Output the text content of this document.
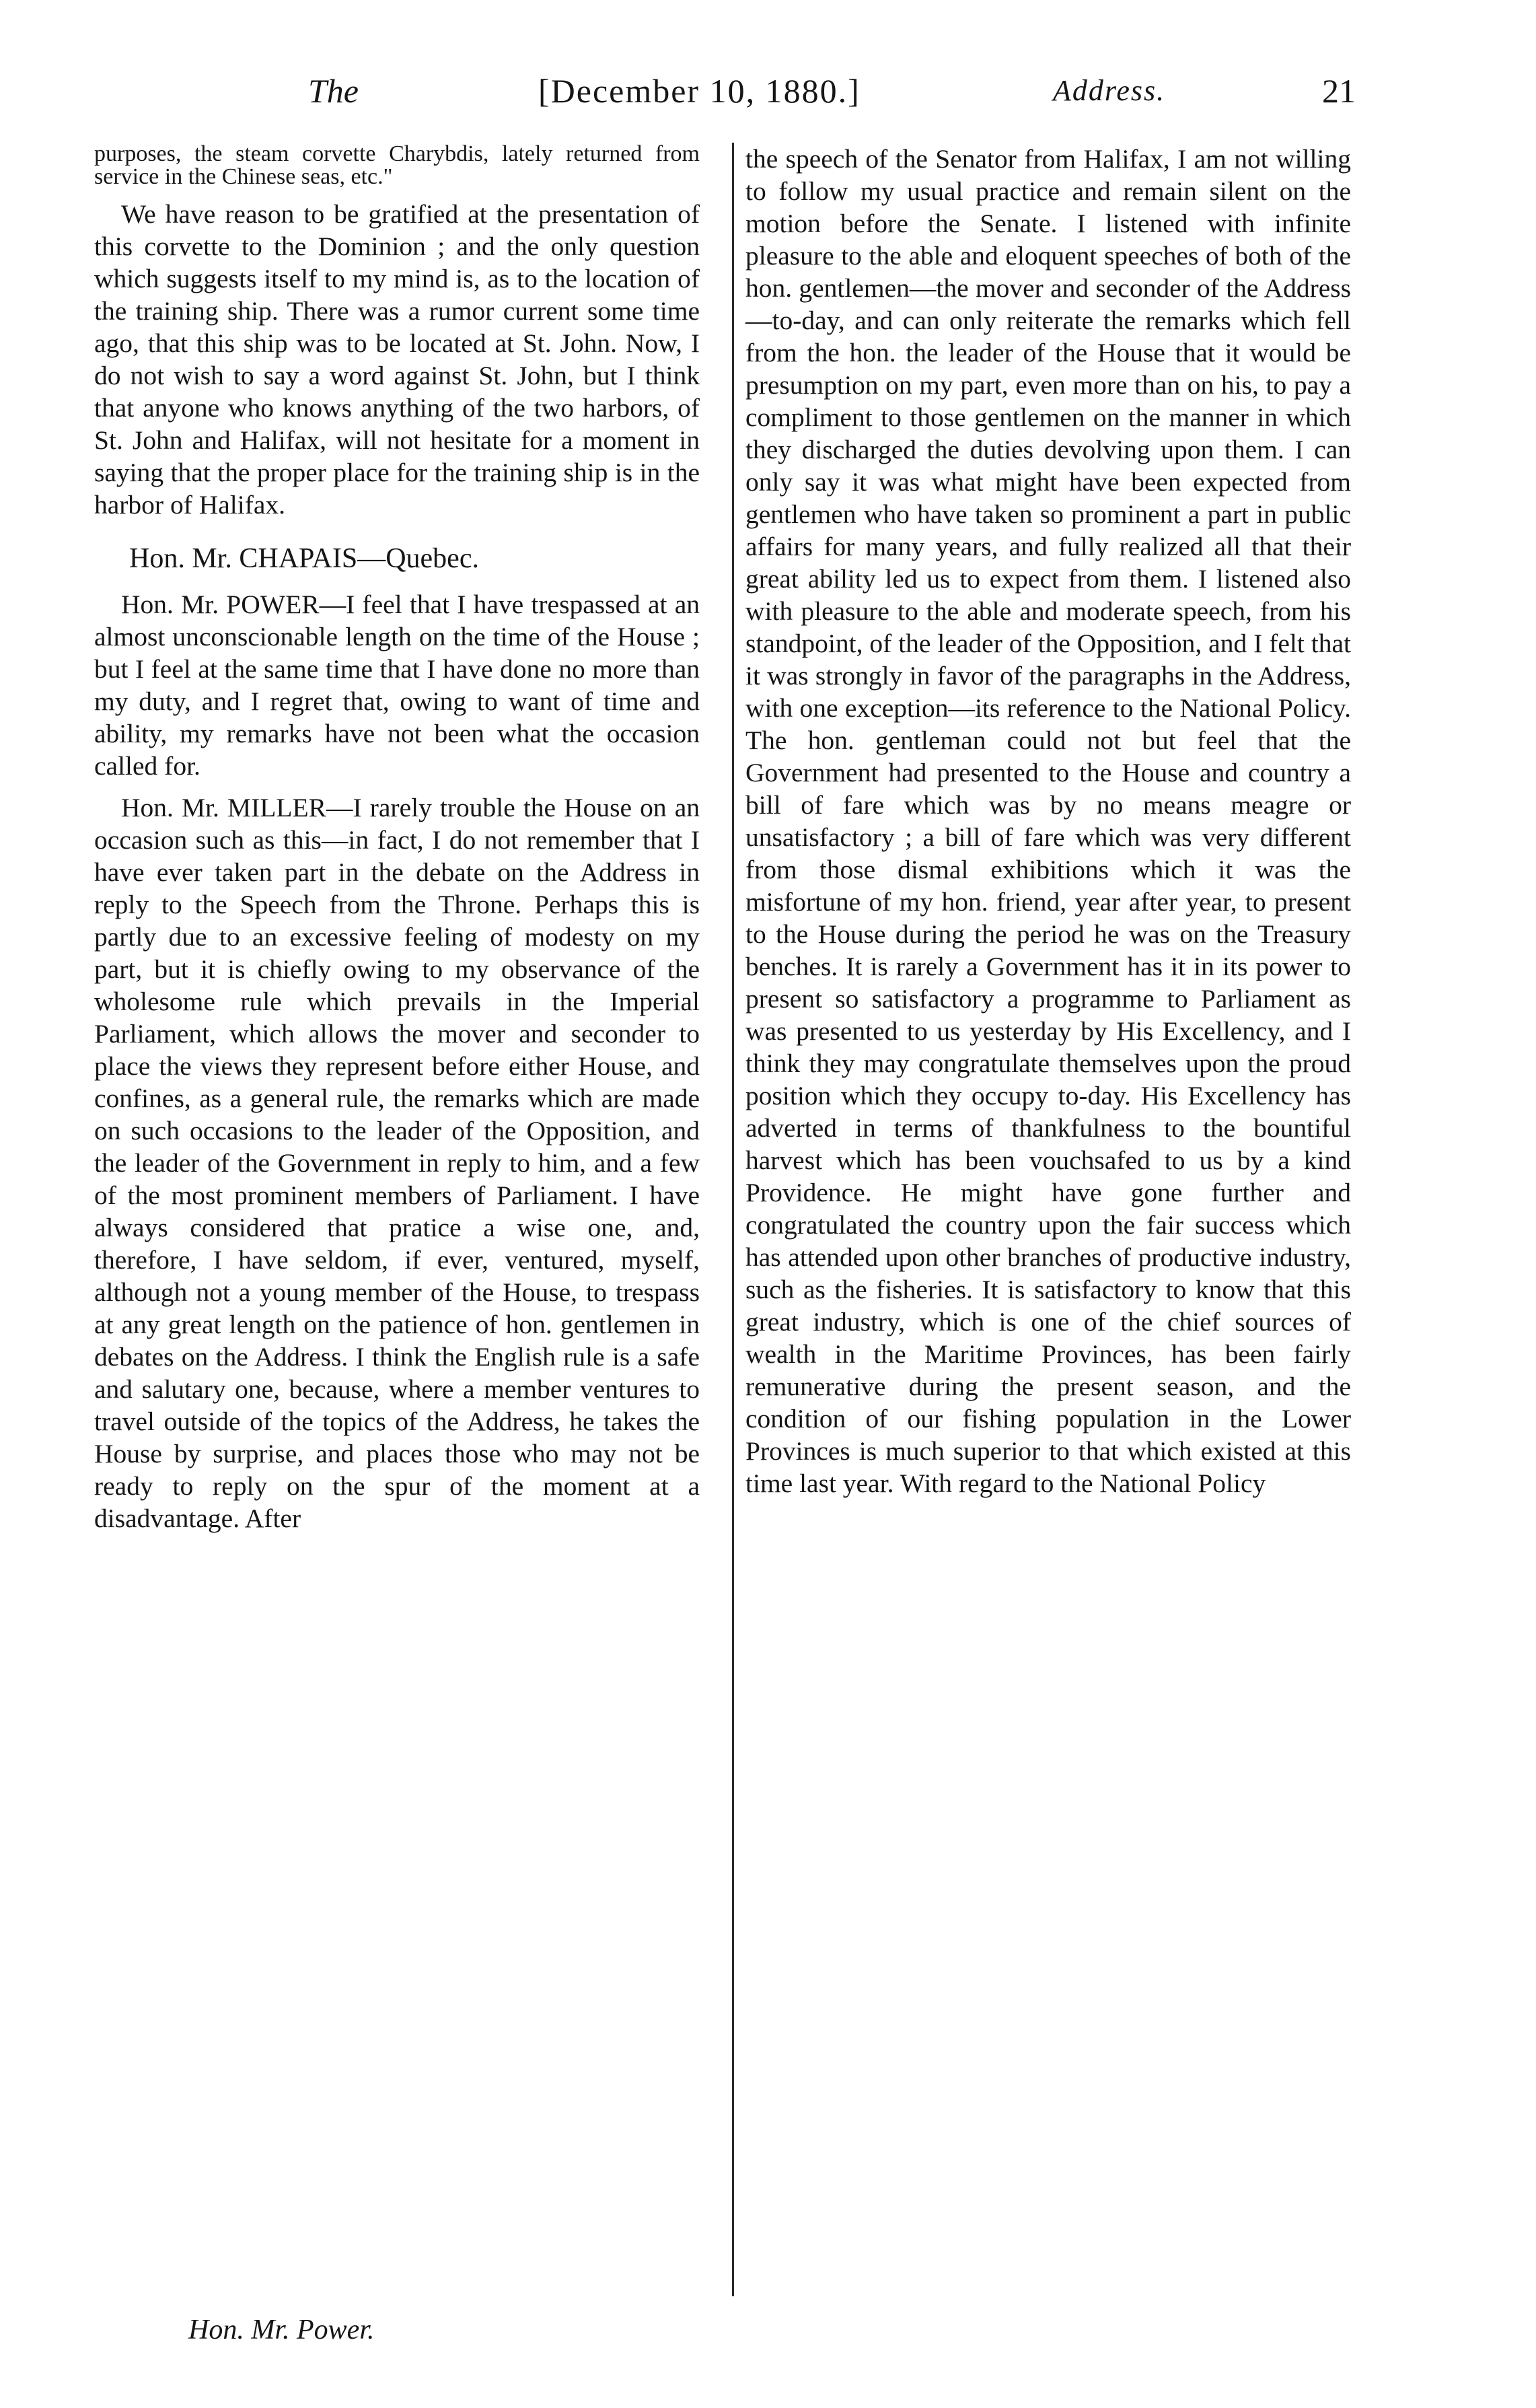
The	[December 10, 1880.]	Address.	21

purposes, the steam corvette Charybdis, lately returned from service in the Chinese seas, etc."

We have reason to be gratified at the presentation of this corvette to the Dominion ; and the only question which suggests itself to my mind is, as to the location of the training ship. There was a rumor current some time ago, that this ship was to be located at St. John. Now, I do not wish to say a word against St. John, but I think that anyone who knows anything of the two harbors, of St. John and Halifax, will not hesitate for a moment in saying that the proper place for the training ship is in the harbor of Halifax.

Hon. Mr. CHAPAIS—Quebec.

Hon. Mr. POWER—I feel that I have trespassed at an almost unconscionable length on the time of the House ; but I feel at the same time that I have done no more than my duty, and I regret that, owing to want of time and ability, my remarks have not been what the occasion called for.

Hon. Mr. MILLER—I rarely trouble the House on an occasion such as this—in fact, I do not remember that I have ever taken part in the debate on the Address in reply to the Speech from the Throne. Perhaps this is partly due to an excessive feeling of modesty on my part, but it is chiefly owing to my observance of the wholesome rule which prevails in the Imperial Parliament, which allows the mover and seconder to place the views they represent before either House, and confines, as a general rule, the remarks which are made on such occasions to the leader of the Opposition, and the leader of the Government in reply to him, and a few of the most prominent members of Parliament. I have always considered that pratice a wise one, and, therefore, I have seldom, if ever, ventured, myself, although not a young member of the House, to trespass at any great length on the patience of hon. gentlemen in debates on the Address. I think the English rule is a safe and salutary one, because, where a member ventures to travel outside of the topics of the Address, he takes the House by surprise, and places those who may not be ready to reply on the spur of the moment at a disadvantage. After

the speech of the Senator from Halifax, I am not willing to follow my usual practice and remain silent on the motion before the Senate. I listened with infinite pleasure to the able and eloquent speeches of both of the hon. gentlemen—the mover and seconder of the Address—to-day, and can only reiterate the remarks which fell from the hon. the leader of the House that it would be presumption on my part, even more than on his, to pay a compliment to those gentlemen on the manner in which they discharged the duties devolving upon them. I can only say it was what might have been expected from gentlemen who have taken so prominent a part in public affairs for many years, and fully realized all that their great ability led us to expect from them. I listened also with pleasure to the able and moderate speech, from his standpoint, of the leader of the Opposition, and I felt that it was strongly in favor of the paragraphs in the Address, with one exception—its reference to the National Policy. The hon. gentleman could not but feel that the Government had presented to the House and country a bill of fare which was by no means meagre or unsatisfactory ; a bill of fare which was very different from those dismal exhibitions which it was the misfortune of my hon. friend, year after year, to present to the House during the period he was on the Treasury benches. It is rarely a Government has it in its power to present so satisfactory a programme to Parliament as was presented to us yesterday by His Excellency, and I think they may congratulate themselves upon the proud position which they occupy to-day. His Excellency has adverted in terms of thankfulness to the bountiful harvest which has been vouchsafed to us by a kind Providence. He might have gone further and congratulated the country upon the fair success which has attended upon other branches of productive industry, such as the fisheries. It is satisfactory to know that this great industry, which is one of the chief sources of wealth in the Maritime Provinces, has been fairly remunerative during the present season, and the condition of our fishing population in the Lower Provinces is much superior to that which existed at this time last year. With regard to the National Policy

Hon. Mr. Power.
